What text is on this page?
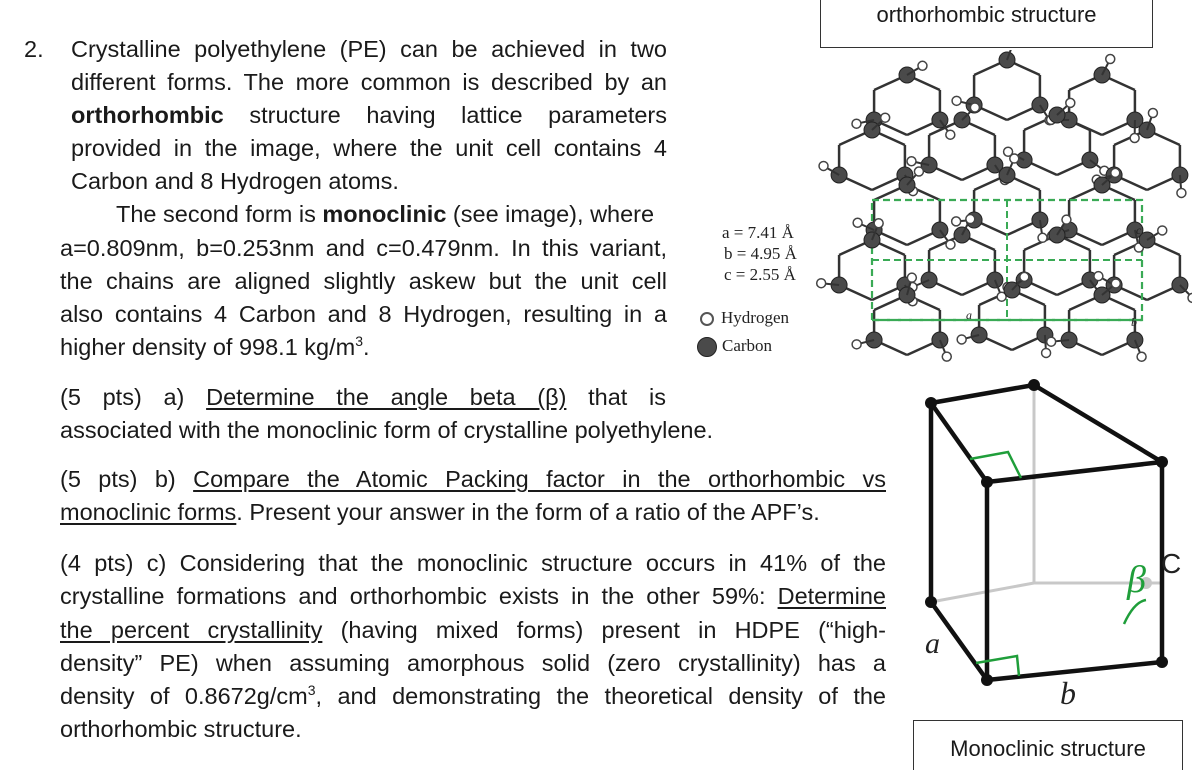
2. Crystalline polyethylene (PE) can be achieved in two
different forms. The more common is described by an
orthorhombic structure having lattice parameters
provided in the image, where the unit cell contains 4
Carbon and 8 Hydrogen atoms.
The second form is monoclinic (see image), where
a=0.809nm, b=0.253nm and c=0.479nm. In this variant,
the chains are aligned slightly askew but the unit cell
also contains 4 Carbon and 8 Hydrogen, resulting in a
higher density of 998.1 $kg/m^3$.
(5 pts) a) Determine the angle beta (β) that is
associated with the monoclinic form of crystalline polyethylene.
(5 pts) b) Compare the Atomic Packing factor in the orthorhombic vs
monoclinic forms. Present your answer in the form of a ratio of the APF’s.
(4 pts) c) Considering that the monoclinic structure occurs in 41% of the
crystalline formations and orthorhombic exists in the other 59%: Determine
the percent crystallinity (having mixed forms) present in HDPE (“high-
density” PE) when assuming amorphous solid (zero crystallinity) has a
density of $0.8672g/cm^3$, and demonstrating the theoretical density of the
orthorhombic structure.
orthorhombic structure
a = 7.41 Å
b = 4.95 Å
c = 2.55 Å
Hydrogen
Carbon
a	b
c
β C
a
b
Monoclinic structure
